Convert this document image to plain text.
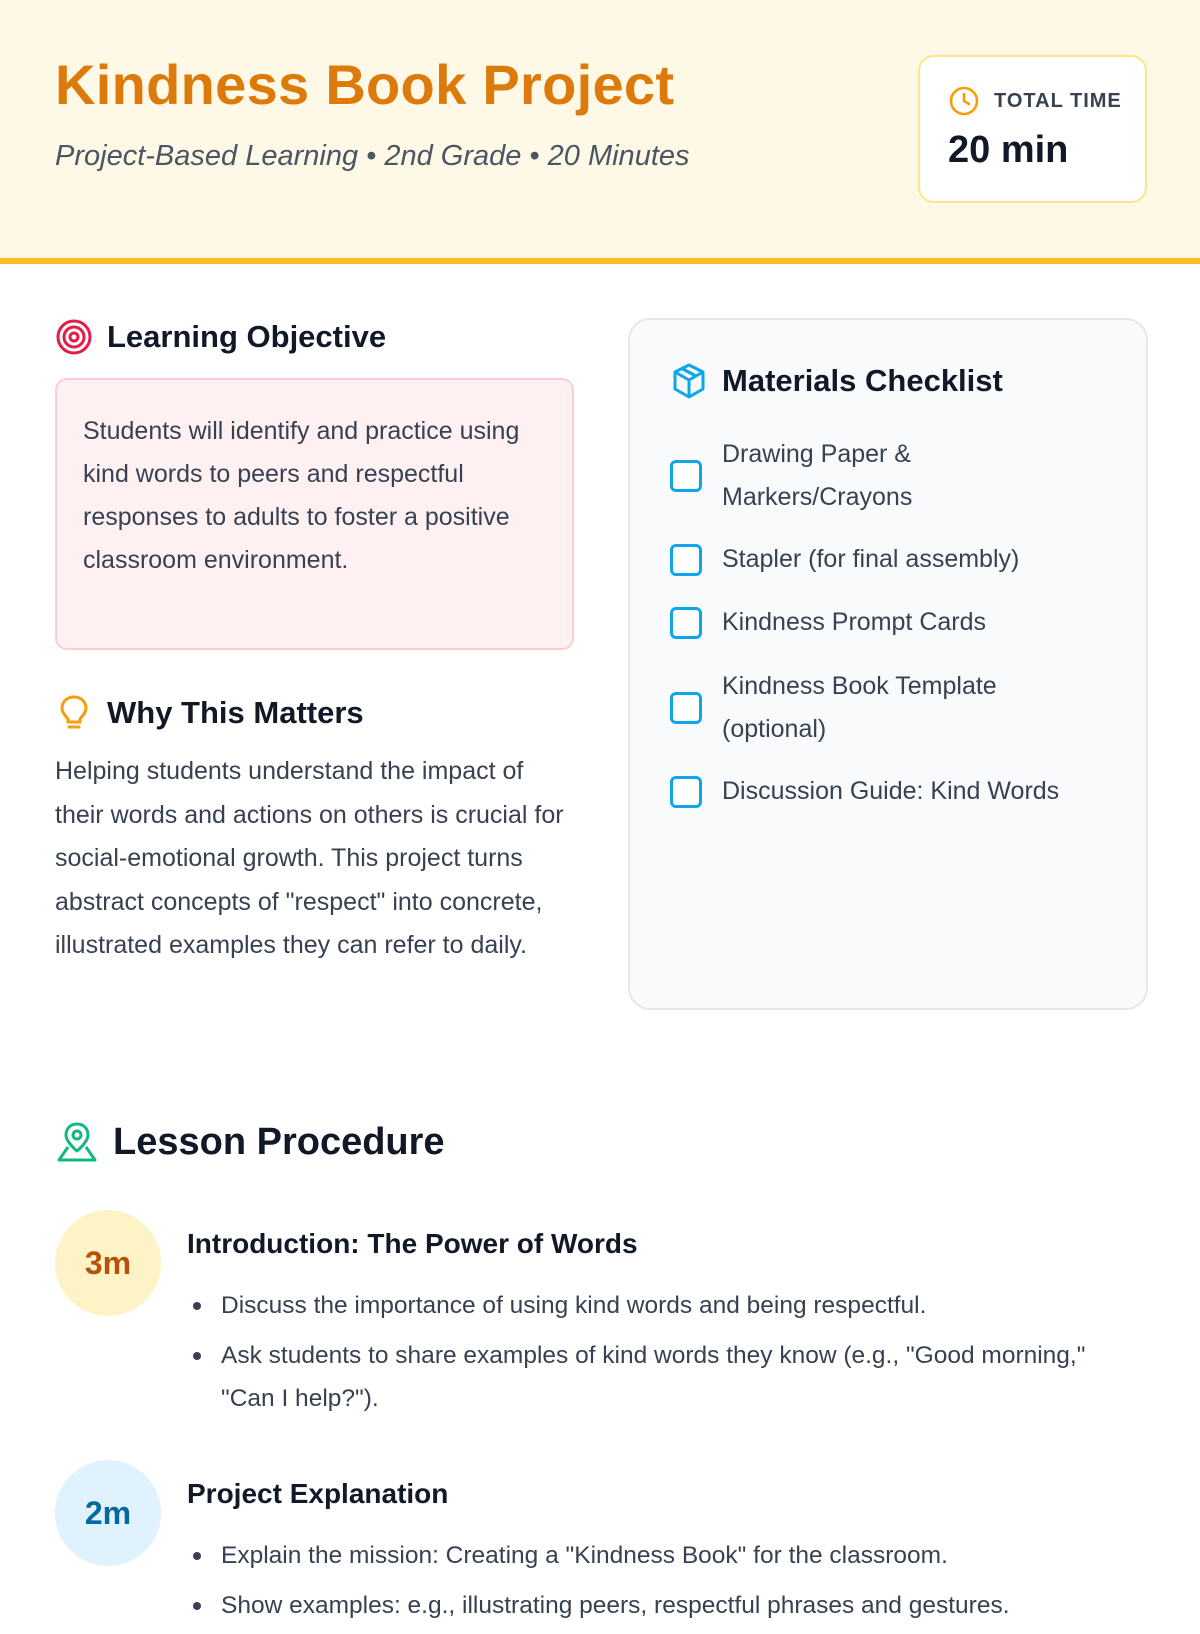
Kindness Book Project
Project-Based Learning • 2nd Grade • 20 Minutes
TOTAL TIME
20 min
Learning Objective
Students will identify and practice using kind words to peers and respectful responses to adults to foster a positive classroom environment.
Why This Matters
Helping students understand the impact of their words and actions on others is crucial for social-emotional growth. This project turns abstract concepts of "respect" into concrete, illustrated examples they can refer to daily.
Materials Checklist
Drawing Paper & Markers/Crayons
Stapler (for final assembly)
Kindness Prompt Cards
Kindness Book Template (optional)
Discussion Guide: Kind Words
Lesson Procedure
3m
Introduction: The Power of Words
Discuss the importance of using kind words and being respectful.
Ask students to share examples of kind words they know (e.g., "Good morning," "Can I help?").
2m
Project Explanation
Explain the mission: Creating a "Kindness Book" for the classroom.
Show examples: e.g., illustrating peers, respectful phrases and gestures.
